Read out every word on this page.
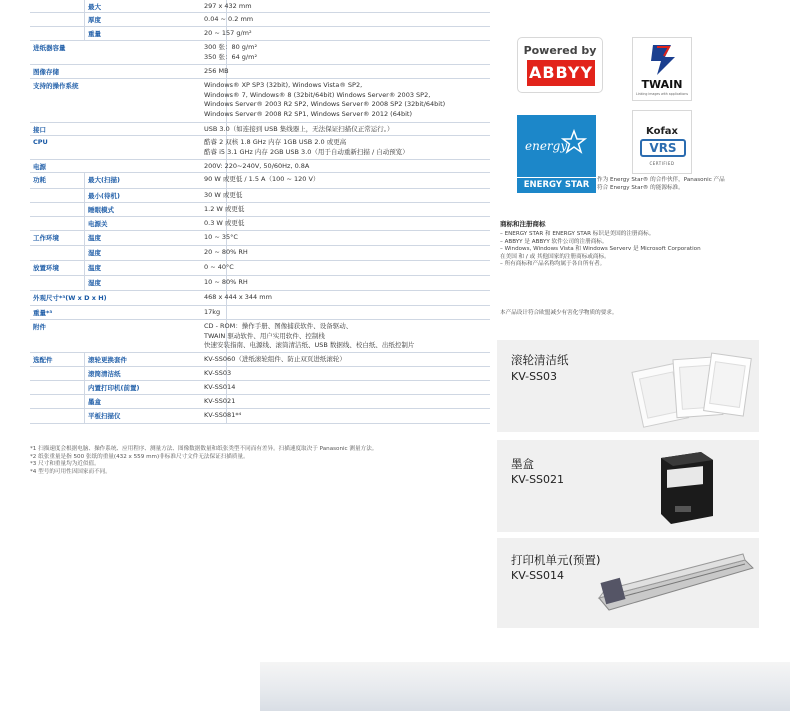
最大	297 x 432 mm
厚度	0.04 ~ 0.2 mm
重量	20 ~ 157 g/m²
进纸器容量	300 张：80 g/m²
350 张：64 g/m²
图像存储	256 MB
支持的操作系统	Windows® XP SP3 (32bit), Windows Vista® SP2,
Windows® 7, Windows® 8 (32bit/64bit) Windows Server® 2003 SP2,
Windows Server® 2003 R2 SP2, Windows Server® 2008 SP2 (32bit/64bit)
Windows Server® 2008 R2 SP1, Windows Server® 2012 (64bit)
接口	USB 3.0（如连接到 USB 集线器上，无法保证扫描仪正常运行。）
CPU	酷睿 2 双核 1.8 GHz 内存 1GB USB 2.0 或更高
酷睿 i5 3.1 GHz 内存 2GB USB 3.0（用于自动重新扫描 / 自动预览）
电源	200V: 220~240V, 50/60Hz, 0.8A
功耗	最大(扫描)	90 W 或更低 / 1.5 A（100 ~ 120 V）
最小(待机)	30 W 或更低
睡眠模式	1.2 W 或更低
电源关	0.3 W 或更低
工作环境	温度	10 ~ 35°C
湿度	20 ~ 80% RH
放置环境	温度	0 ~ 40°C
湿度	10 ~ 80% RH
外观尺寸*³(W x D x H)	468 x 444 x 344 mm
重量*³	17kg
附件	CD - ROM：操作手册、图像捕获软件、设备驱动、
TWAIN 驱动软件、用户实用软件、控制栈
快速安装指南、电源线、滚筒清洁纸、USB 数据线、校白纸、出纸控制片
选配件	滚轮更换套件	KV-SS060（进纸滚轮组件、防止双页进纸滚轮）
滚筒清洁纸	KV-SS03
内置打印机(前置)	KV-SS014
墨盒	KV-SS021
平板扫描仪	KV-SS081*⁴
*1 扫描速度会根据电脑、操作系统、应用程序、测量方法、图像数据数量和纸张类型不同而有差异。扫描速度取决于 Panasonic 测量方法。
*2 纸张重量是指 500 张纸的重量(432 x 559 mm)非标准尺寸文件无法保证扫描质量。
*3 尺寸和重量均为近似值。
*4 型号的可用性因国家而不同。
Powered by
ABBYY
TWAIN
Linking images with applications
energy
ENERGY STAR
Kofax
VRS
CERTIFIED
作为 Energy Star® 的合作伙伴，Panasonic 产品
符合 Energy Star® 的能源标准。
商标和注册商标
– ENERGY STAR 和 ENERGY STAR 标识是美国的注册商标。
– ABBYY 是 ABBYY 软件公司的注册商标。
– Windows, Windows Vista 和 Windows Serverv 是 Microsoft Corporation
在美国 和 / 或 其他国家的注册商标或商标。
– 所有商标和产品名称均属于各自所有者。
本产品设计符合欧盟减少有害化学物质的要求。
滚轮清洁纸
KV-SS03
墨盒
KV-SS021
打印机单元(预置)
KV-SS014
